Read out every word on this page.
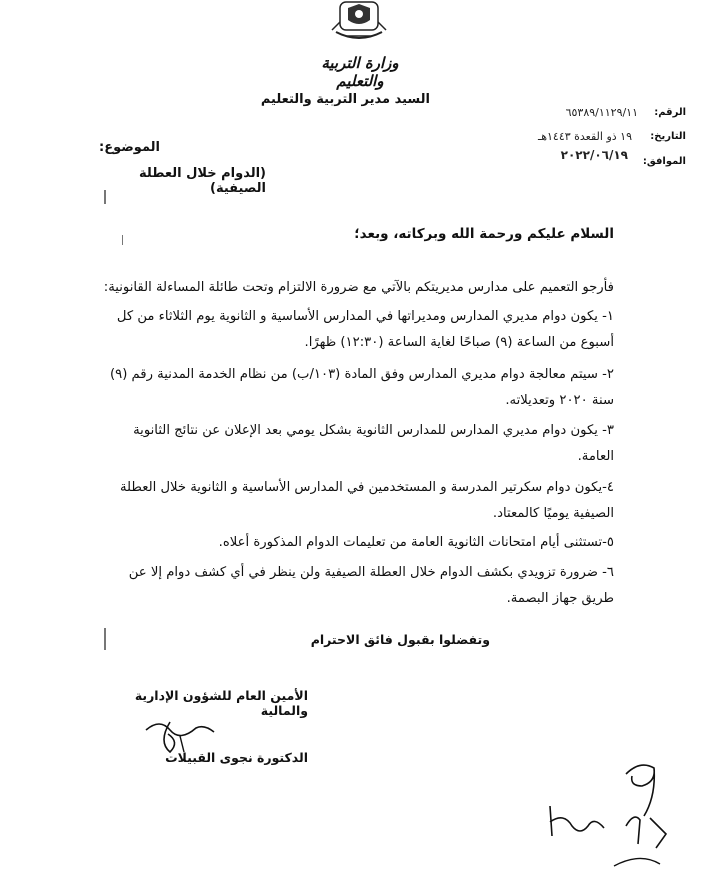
وزارة التربية والتعليم
الرقم:
٦٥٣٨٩/١١٢٩/١١
التاريخ:
١٩ ذو القعدة ١٤٤٣هـ
الموافق:
٢٠٢٢/٠٦/١٩
السيد مدير التربية والتعليم
الموضوع:
(الدوام خلال العطلة الصيفية)
السلام عليكم ورحمة الله وبركاته، وبعد؛
فأرجو التعميم على مدارس مديريتكم بالآتي مع ضرورة الالتزام وتحت طائلة المساءلة القانونية:
١- يكون دوام مديري المدارس ومديراتها في المدارس الأساسية و الثانوية يوم الثلاثاء من كل أسبوع من الساعة (٩) صباحًا لغاية الساعة (١٢:٣٠) ظهرًا.
٢- سيتم معالجة دوام مديري المدارس وفق المادة (١٠٣/ب) من نظام الخدمة المدنية رقم (٩) سنة ٢٠٢٠ وتعديلاته.
٣- يكون دوام مديري المدارس للمدارس الثانوية بشكل يومي بعد الإعلان عن نتائج الثانوية العامة.
٤-يكون دوام سكرتير المدرسة و المستخدمين في المدارس الأساسية و الثانوية خلال العطلة الصيفية يوميًا كالمعتاد.
٥-تستثنى أيام امتحانات الثانوية العامة من تعليمات الدوام المذكورة أعلاه.
٦- ضرورة تزويدي بكشف الدوام خلال العطلة الصيفية ولن ينظر في أي كشف دوام إلا عن طريق جهاز البصمة.
وتفضلوا بقبول فائق الاحترام
الأمين العام للشؤون الإدارية والمالية
الدكتورة نجوى القبيلات
